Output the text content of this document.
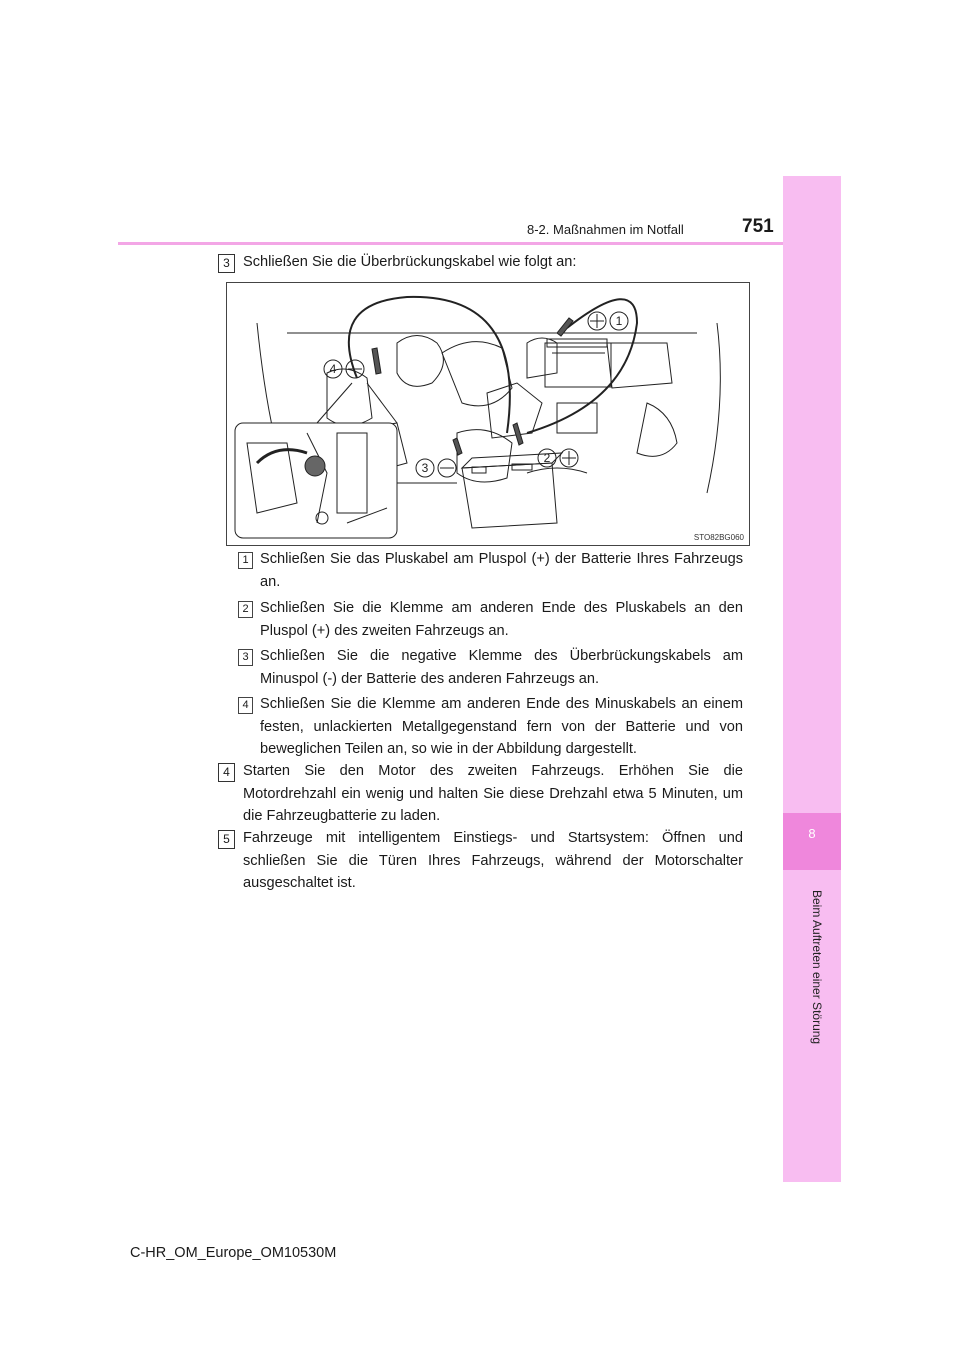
8-2. Maßnahmen im Notfall	751
8
Beim Auftreten einer Störung
3 Schließen Sie die Überbrückungskabel wie folgt an:
1
2
3
4
STO82BG060
1 Schließen Sie das Pluskabel am Pluspol (+) der Batterie Ihres Fahrzeugs an.
2 Schließen Sie die Klemme am anderen Ende des Pluskabels an den Pluspol (+) des zweiten Fahrzeugs an.
3 Schließen Sie die negative Klemme des Überbrückungskabels am Minuspol (-) der Batterie des anderen Fahrzeugs an.
4 Schließen Sie die Klemme am anderen Ende des Minuskabels an einem festen, unlackierten Metallgegenstand fern von der Batterie und von beweglichen Teilen an, so wie in der Abbildung dargestellt.
4 Starten Sie den Motor des zweiten Fahrzeugs. Erhöhen Sie die Motordrehzahl ein wenig und halten Sie diese Drehzahl etwa 5 Minuten, um die Fahrzeugbatterie zu laden.
5 Fahrzeuge mit intelligentem Einstiegs- und Startsystem: Öffnen und schließen Sie die Türen Ihres Fahrzeugs, während der Motorschalter ausgeschaltet ist.
C-HR_OM_Europe_OM10530M
